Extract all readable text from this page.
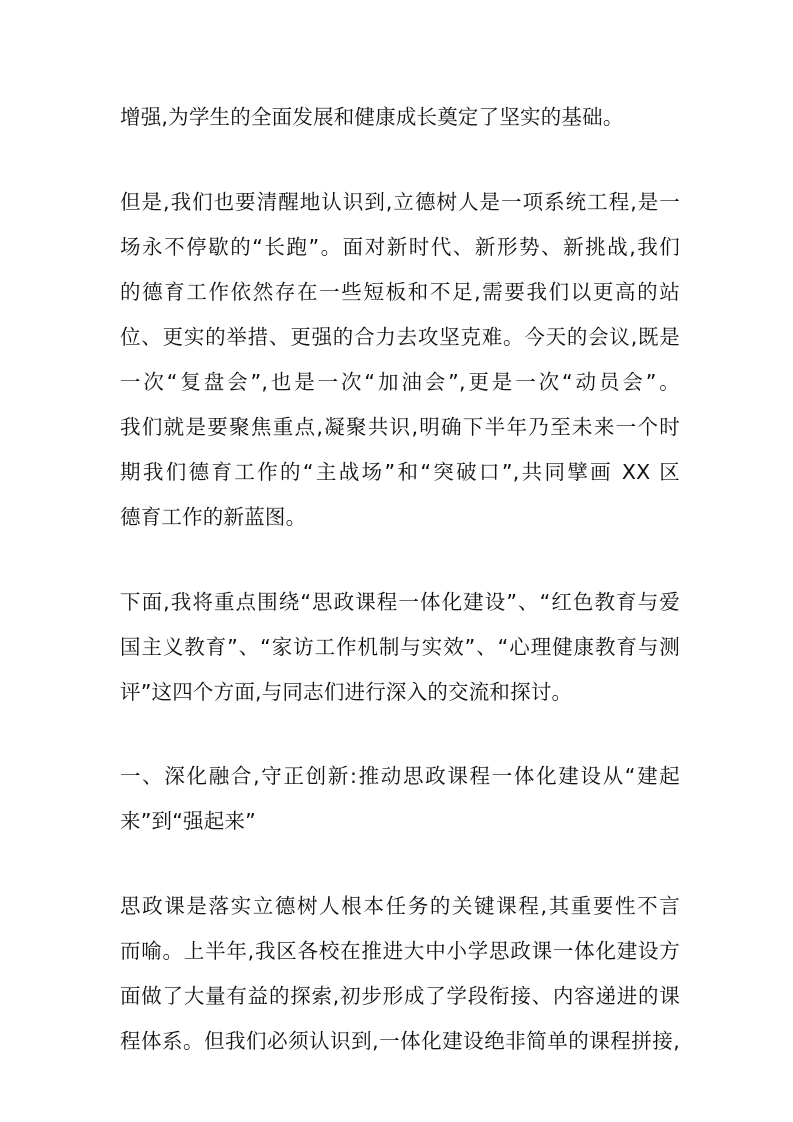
增强,为学生的全面发展和健康成长奠定了坚实的基础。
但是,我们也要清醒地认识到,立德树人是一项系统工程,是一
场永不停歇的“长跑”。面对新时代、新形势、新挑战,我们
的德育工作依然存在一些短板和不足,需要我们以更高的站
位、更实的举措、更强的合力去攻坚克难。今天的会议,既是
一次“复盘会”,也是一次“加油会”,更是一次“动员会”。
我们就是要聚焦重点,凝聚共识,明确下半年乃至未来一个时
期我们德育工作的“主战场”和“突破口”,共同擘画 XX 区
德育工作的新蓝图。
下面,我将重点围绕“思政课程一体化建设”、“红色教育与爱
国主义教育”、“家访工作机制与实效”、“心理健康教育与测
评”这四个方面,与同志们进行深入的交流和探讨。
一、深化融合,守正创新:推动思政课程一体化建设从“建起
来”到“强起来”
思政课是落实立德树人根本任务的关键课程,其重要性不言
而喻。上半年,我区各校在推进大中小学思政课一体化建设方
面做了大量有益的探索,初步形成了学段衔接、内容递进的课
程体系。但我们必须认识到,一体化建设绝非简单的课程拼接,
